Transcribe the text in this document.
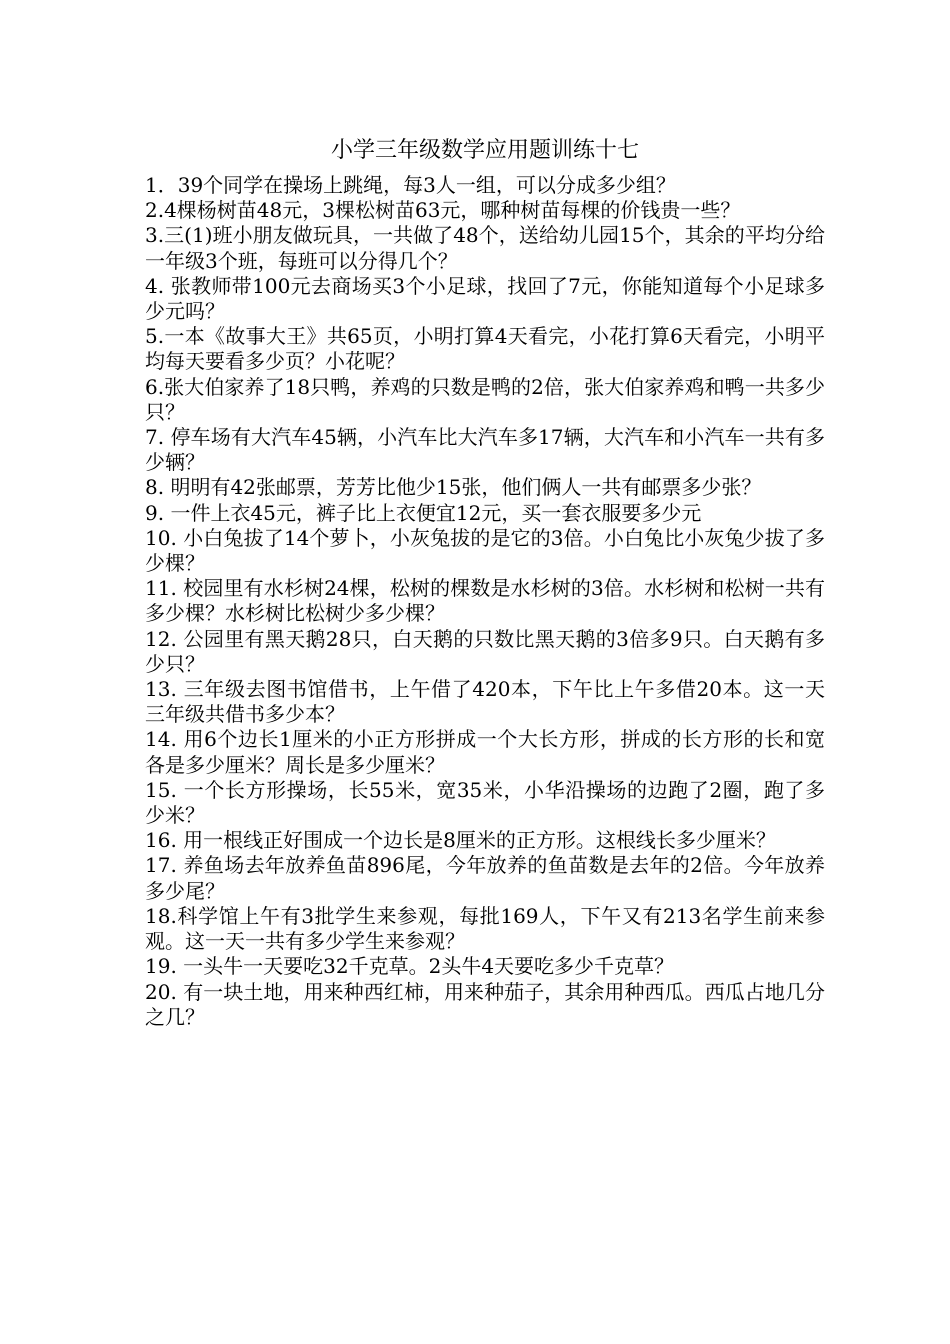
小学三年级数学应用题训练十七

1．39个同学在操场上跳绳，每3人一组，可以分成多少组？

2.4棵杨树苗48元，3棵松树苗63元，哪种树苗每棵的价钱贵一些？

3.三(1)班小朋友做玩具，一共做了48个，送给幼儿园15个，其余的平均分给一年级3个班，每班可以分得几个？

4. 张教师带100元去商场买3个小足球，找回了7元，你能知道每个小足球多少元吗？

5.一本《故事大王》共65页，小明打算4天看完，小花打算6天看完，小明平均每天要看多少页？小花呢？

6.张大伯家养了18只鸭，养鸡的只数是鸭的2倍，张大伯家养鸡和鸭一共多少只？

7. 停车场有大汽车45辆，小汽车比大汽车多17辆，大汽车和小汽车一共有多少辆？

8. 明明有42张邮票，芳芳比他少15张，他们俩人一共有邮票多少张？

9. 一件上衣45元，裤子比上衣便宜12元，买一套衣服要多少元

10. 小白兔拔了14个萝卜，小灰兔拔的是它的3倍。小白兔比小灰兔少拔了多少棵？

11. 校园里有水杉树24棵，松树的棵数是水杉树的3倍。水杉树和松树一共有多少棵？水杉树比松树少多少棵？

12. 公园里有黑天鹅28只，白天鹅的只数比黑天鹅的3倍多9只。白天鹅有多少只？

13. 三年级去图书馆借书，上午借了420本，下午比上午多借20本。这一天三年级共借书多少本？

14. 用6个边长1厘米的小正方形拼成一个大长方形，拼成的长方形的长和宽各是多少厘米？周长是多少厘米？

15. 一个长方形操场，长55米，宽35米，小华沿操场的边跑了2圈，跑了多少米？

16. 用一根线正好围成一个边长是8厘米的正方形。这根线长多少厘米？

17. 养鱼场去年放养鱼苗896尾，今年放养的鱼苗数是去年的2倍。今年放养多少尾？

18.科学馆上午有3批学生来参观，每批169人，下午又有213名学生前来参观。这一天一共有多少学生来参观？

19. 一头牛一天要吃32千克草。2头牛4天要吃多少千克草？

20. 有一块土地，用来种西红柿，用来种茄子，其余用种西瓜。西瓜占地几分之几？
